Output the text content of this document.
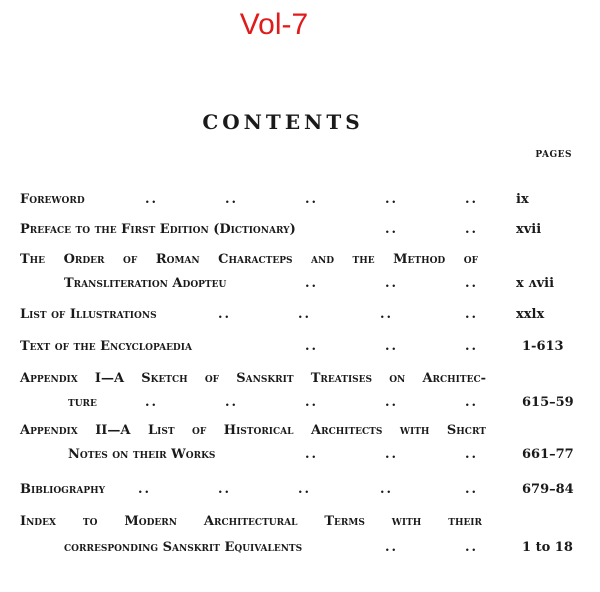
Vol-7
CONTENTS
PAGES
Foreword	..	..	..	..	..	ix
Preface to the First Edition (Dictionary)	..	..	xvii
The Order of Roman Characteps and the Method of
Transliteration Adopteu	..	..	..	x ʌvii
List of Illustrations	..	..	..	..	xxlx
Text of the Encyclopaedia	..	..	..	1-613
Appendix I—A Sketch of Sanskrit Treatises on Architec-
ture	..	..	..	..	..	615–59
Appendix II—A List of Historical Architects with Shcrt
Notes on their Works	..	..	..	661–77
Bibliography	..	..	..	..	..	679–84
Index to Modern Architectural Terms with their
corresponding Sanskrit Equivalents	..	..	1 to 18
